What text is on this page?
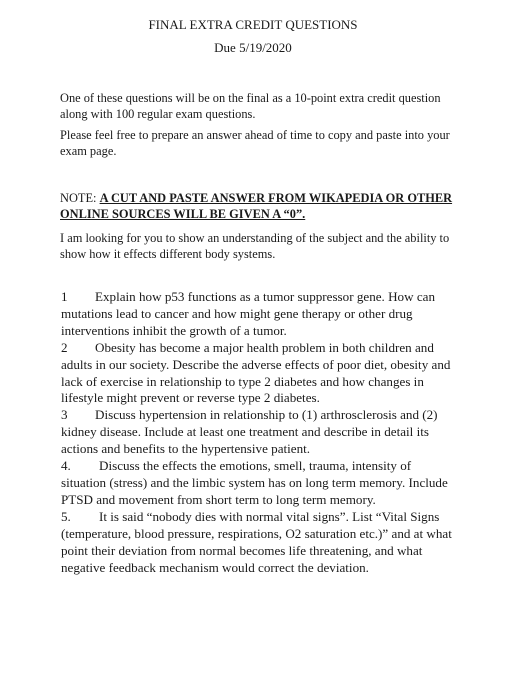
FINAL EXTRA CREDIT QUESTIONS
Due 5/19/2020
One of these questions will be on the final as a 10-point extra credit question along with 100 regular exam questions.
Please feel free to prepare an answer ahead of time to copy and paste into your exam page.
NOTE: A CUT AND PASTE ANSWER FROM WIKAPEDIA OR OTHER ONLINE SOURCES WILL BE GIVEN A “0”.
I am looking for you to show an understanding of the subject and the ability to show how it effects different body systems.

1 Explain how p53 functions as a tumor suppressor gene. How can mutations lead to cancer and how might gene therapy or other drug interventions inhibit the growth of a tumor.

2 Obesity has become a major health problem in both children and adults in our society. Describe the adverse effects of poor diet, obesity and lack of exercise in relationship to type 2 diabetes and how changes in lifestyle might prevent or reverse type 2 diabetes.

3 Discuss hypertension in relationship to (1) arthrosclerosis and (2) kidney disease. Include at least one treatment and describe in detail its actions and benefits to the hypertensive patient.

4. Discuss the effects the emotions, smell, trauma, intensity of situation (stress) and the limbic system has on long term memory. Include PTSD and movement from short term to long term memory.

5. It is said “nobody dies with normal vital signs”. List “Vital Signs (temperature, blood pressure, respirations, O2 saturation etc.)” and at what point their deviation from normal becomes life threatening, and what negative feedback mechanism would correct the deviation.
